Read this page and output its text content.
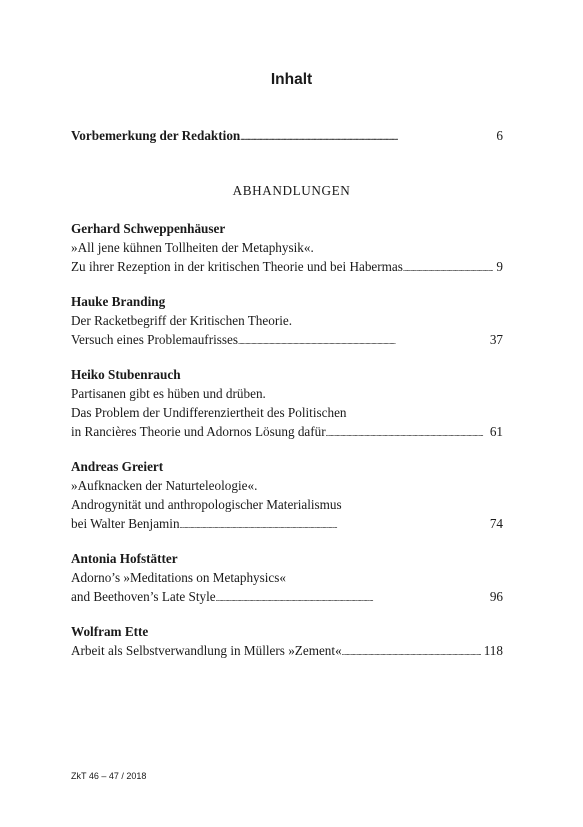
Inhalt
Vorbemerkung der Redaktion . . .	6
ABHANDLUNGEN
Gerhard Schweppenhäuser
»All jene kühnen Tollheiten der Metaphysik«.
Zu ihrer Rezeption in der kritischen Theorie und bei Habermas . . .	9
Hauke Branding
Der Racketbegriff der Kritischen Theorie.
Versuch eines Problemaufrisses . . .	37
Heiko Stubenrauch
Partisanen gibt es hüben und drüben.
Das Problem der Undifferenziertheit des Politischen
in Rancières Theorie und Adornos Lösung dafür . . .	61
Andreas Greiert
»Aufknacken der Naturteleologie«.
Androgynität und anthropologischer Materialismus
bei Walter Benjamin . . .	74
Antonia Hofstätter
Adorno’s »Meditations on Metaphysics«
and Beethoven’s Late Style . . .	96
Wolfram Ette
Arbeit als Selbstverwandlung in Müllers »Zement« . . .	118
ZkT 46 – 47 / 2018
